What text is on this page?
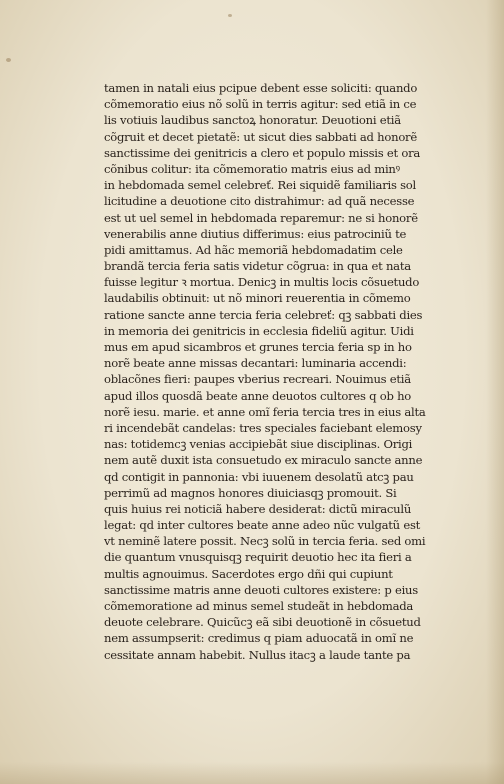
tamen in natali eius pcipue debent esse soliciti: quando
cõmemoratio eius nõ solũ in terris agitur: sed etiã in ce
lis votiuis laudibus sanctoꝝ honoratur. Deuotioni etiã
cõgruit et decet pietatẽ: ut sicut dies sabbati ad honorẽ
sanctissime dei genitricis a clero et populo missis et ora
cõnibus colitur: ita cõmemoratio matris eius ad minꝰ
in hebdomada semel celebreť. Rei siquidẽ familiaris sol
licitudine a deuotione cito distrahimur: ad quã necesse
est ut uel semel in hebdomada reparemur: ne si honorẽ
venerabilis anne diutius differimus: eius patrociniũ te
pidi amittamus. Ad hãc memoriã hebdomadatim cele
brandã tercia feria satis videtur cõgrua: in qua et nata
fuisse legitur ꝛ mortua. Denicꝫ in multis locis cõsuetudo
laudabilis obtinuit: ut nõ minori reuerentia in cõmemo
ratione sancte anne tercia feria celebreť: qꝫ sabbati dies
in memoria dei genitricis in ecclesia fideliũ agitur. Uidi
mus em apud sicambros et grunes tercia feria sp in ho
norẽ beate anne missas decantari: luminaria accendi:
oblacõnes fieri: paupes vberius recreari. Nouimus etiã
apud illos quosdã beate anne deuotos cultores q ob ho
norẽ iesu. marie. et anne omĩ feria tercia tres in eius alta
ri incendebãt candelas: tres speciales faciebant elemosy
nas: totidemcꝫ venias accipiebãt siue disciplinas. Origi
nem autẽ duxit ista consuetudo ex miraculo sancte anne
qd contigit in pannonia: vbi iuuenem desolatũ atcꝫ pau
perrimũ ad magnos honores diuiciasqꝫ promouit. Si
quis huius rei noticiã habere desiderat: dictũ miraculũ
legat: qd inter cultores beate anne adeo nũc vulgatũ est
vt neminẽ latere possit. Necꝫ solũ in tercia feria. sed omi
die quantum vnusquisqꝫ requirit deuotio hec ita fieri a
multis agnouimus. Sacerdotes ergo dñi qui cupiunt
sanctissime matris anne deuoti cultores existere: p eius
cõmemoratione ad minus semel studeãt in hebdomada
deuote celebrare. Quicũcꝫ eã sibi deuotionẽ in cõsuetud
nem assumpserit: credimus q piam aduocatã in omĩ ne
cessitate annam habebit. Nullus itacꝫ a laude tante pa
